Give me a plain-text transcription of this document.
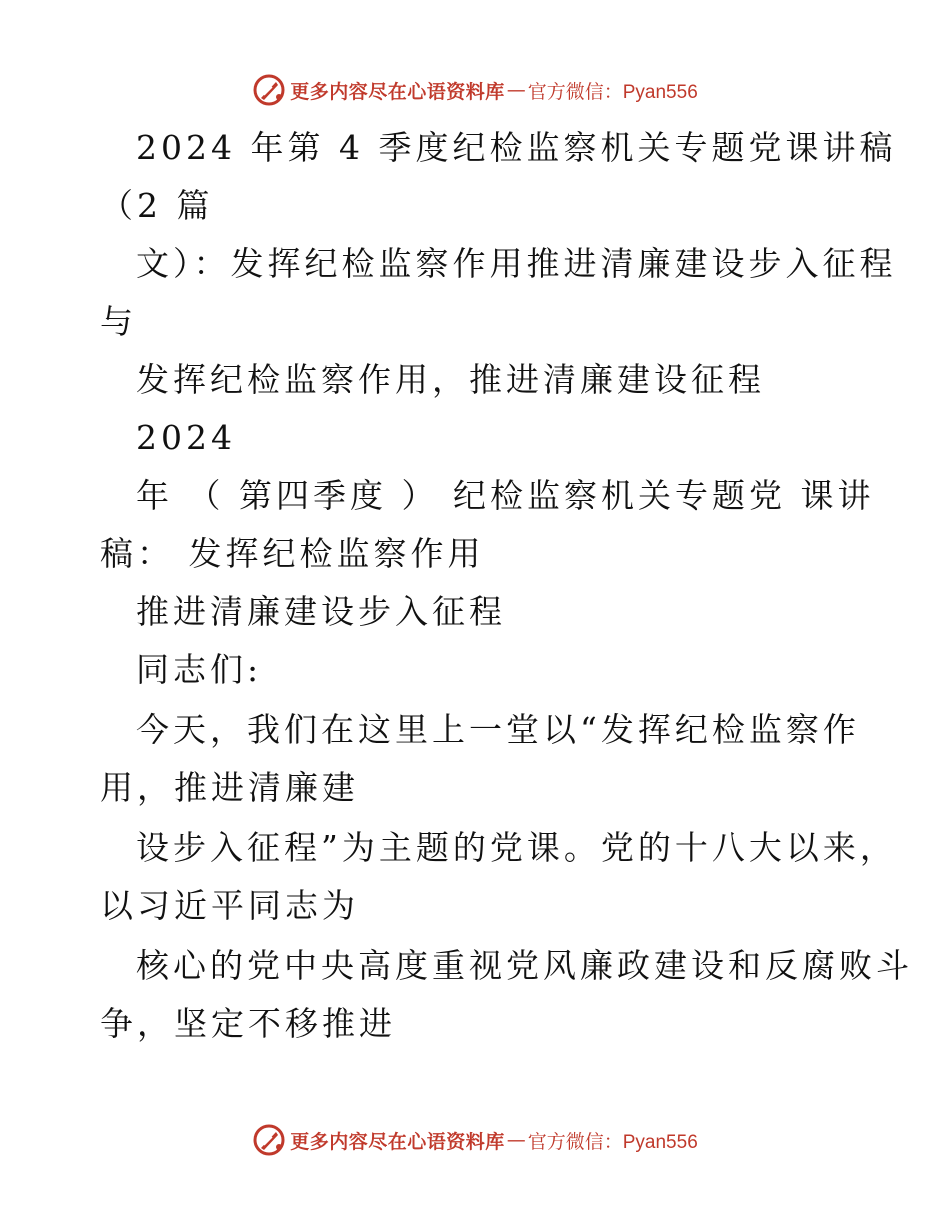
更多内容尽在心语资料库 — 官方微信：Pyan556
2024 年第 4 季度纪检监察机关专题党课讲稿
（2 篇
文）：发挥纪检监察作用推进清廉建设步入征程
与
发挥纪检监察作用，推进清廉建设征程
2024
年 （ 第四季度 ） 纪检监察机关专题党 课讲
稿： 发挥纪检监察作用
推进清廉建设步入征程
同志们:
今天，我们在这里上一堂以“发挥纪检监察作
用，推进清廉建
设步入征程”为主题的党课。党的十八大以来，
以习近平同志为
核心的党中央高度重视党风廉政建设和反腐败斗
争，坚定不移推进
更多内容尽在心语资料库 — 官方微信：Pyan556
